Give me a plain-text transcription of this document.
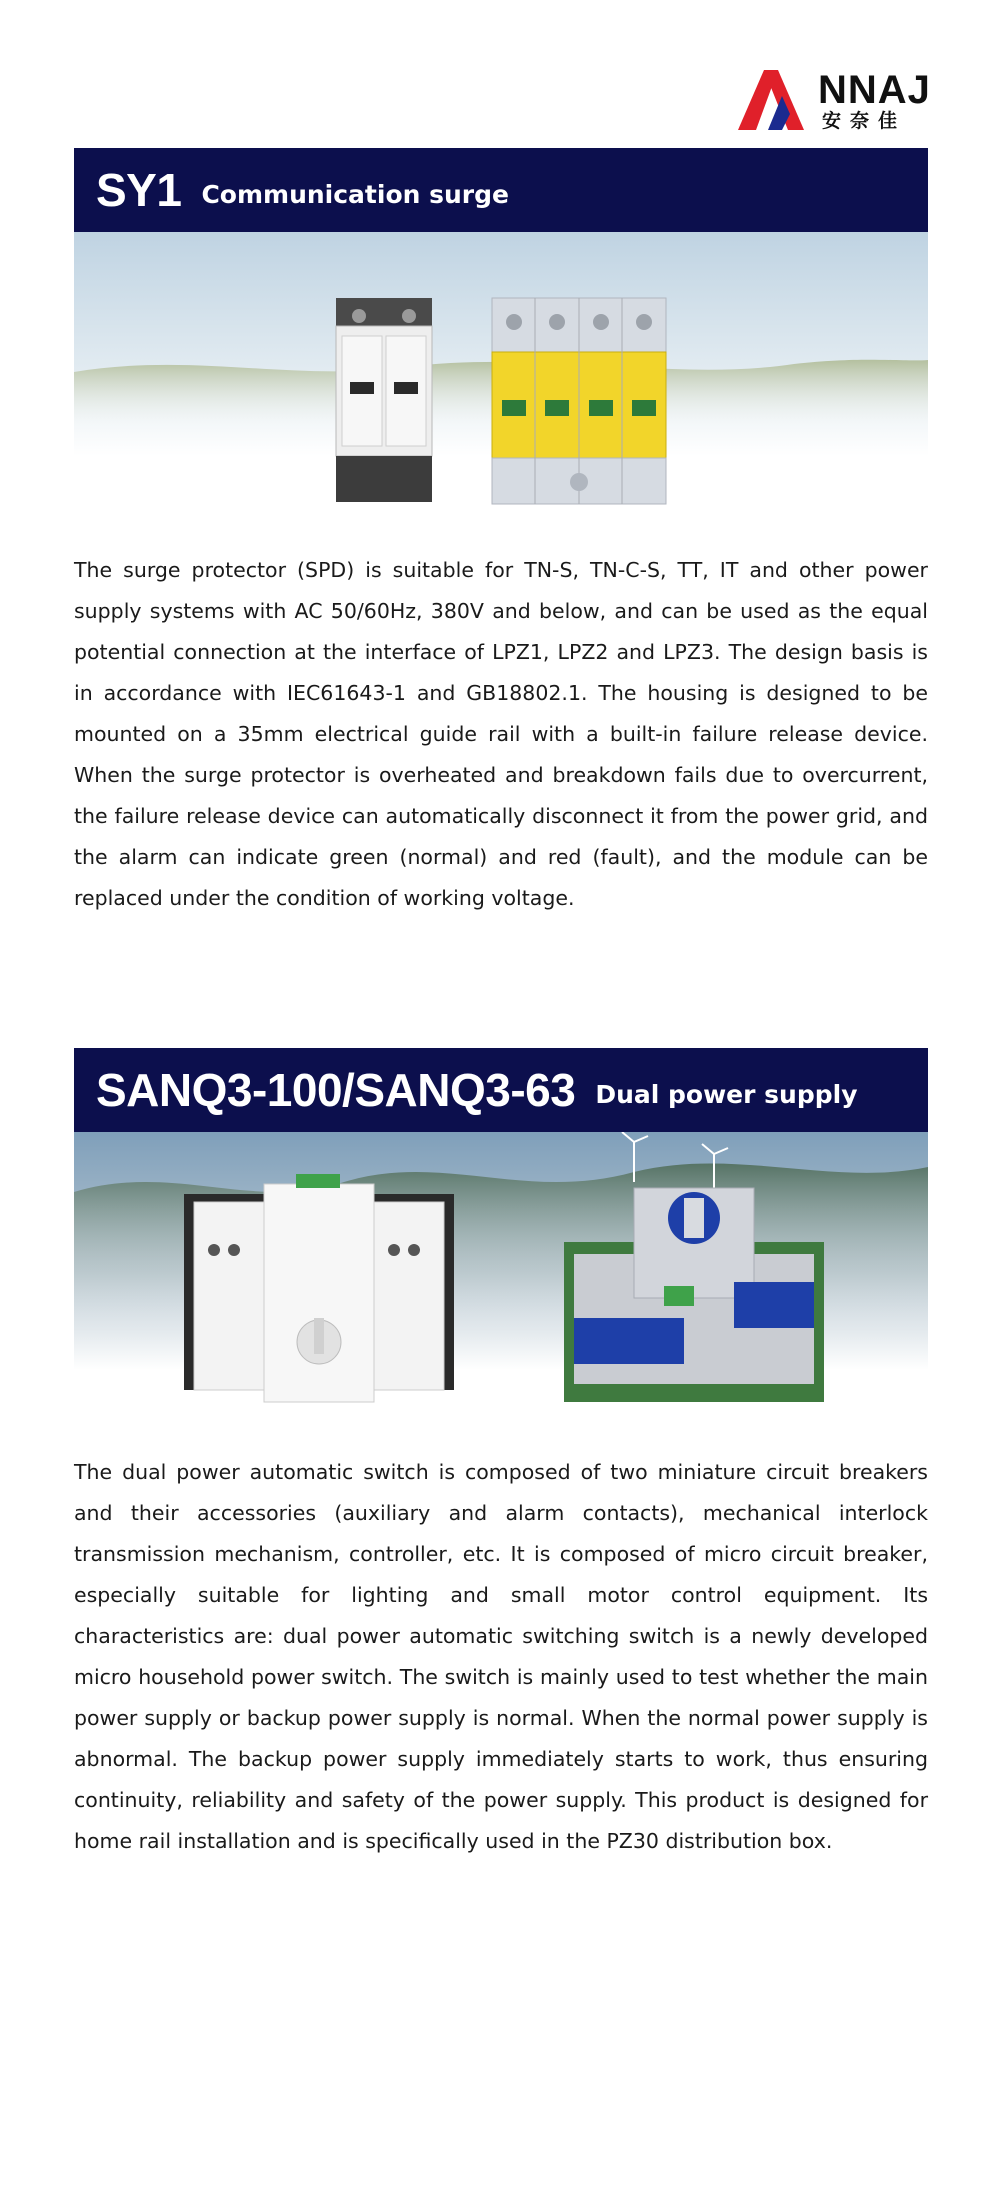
NNAJ
安奈佳
SY1 Communication surge

The surge protector (SPD) is suitable for TN-S, TN-C-S, TT, IT and other power supply systems with AC 50/60Hz, 380V and below, and can be used as the equal potential connection at the interface of LPZ1, LPZ2 and LPZ3. The design basis is in accordance with IEC61643-1 and GB18802.1. The housing is designed to be mounted on a 35mm electrical guide rail with a built-in failure release device. When the surge protector is overheated and breakdown fails due to overcurrent, the failure release device can automatically disconnect it from the power grid, and the alarm can indicate green (normal) and red (fault), and the module can be replaced under the condition of working voltage.

SANQ3-100/SANQ3-63 Dual power supply

The dual power automatic switch is composed of two miniature circuit breakers and their accessories (auxiliary and alarm contacts), mechanical interlock transmission mechanism, controller, etc. It is composed of micro circuit breaker, especially suitable for lighting and small motor control equipment. Its characteristics are: dual power automatic switching switch is a newly developed micro household power switch. The switch is mainly used to test whether the main power supply or backup power supply is normal. When the normal power supply is abnormal. The backup power supply immediately starts to work, thus ensuring continuity, reliability and safety of the power supply. This product is designed for home rail installation and is specifically used in the PZ30 distribution box.
